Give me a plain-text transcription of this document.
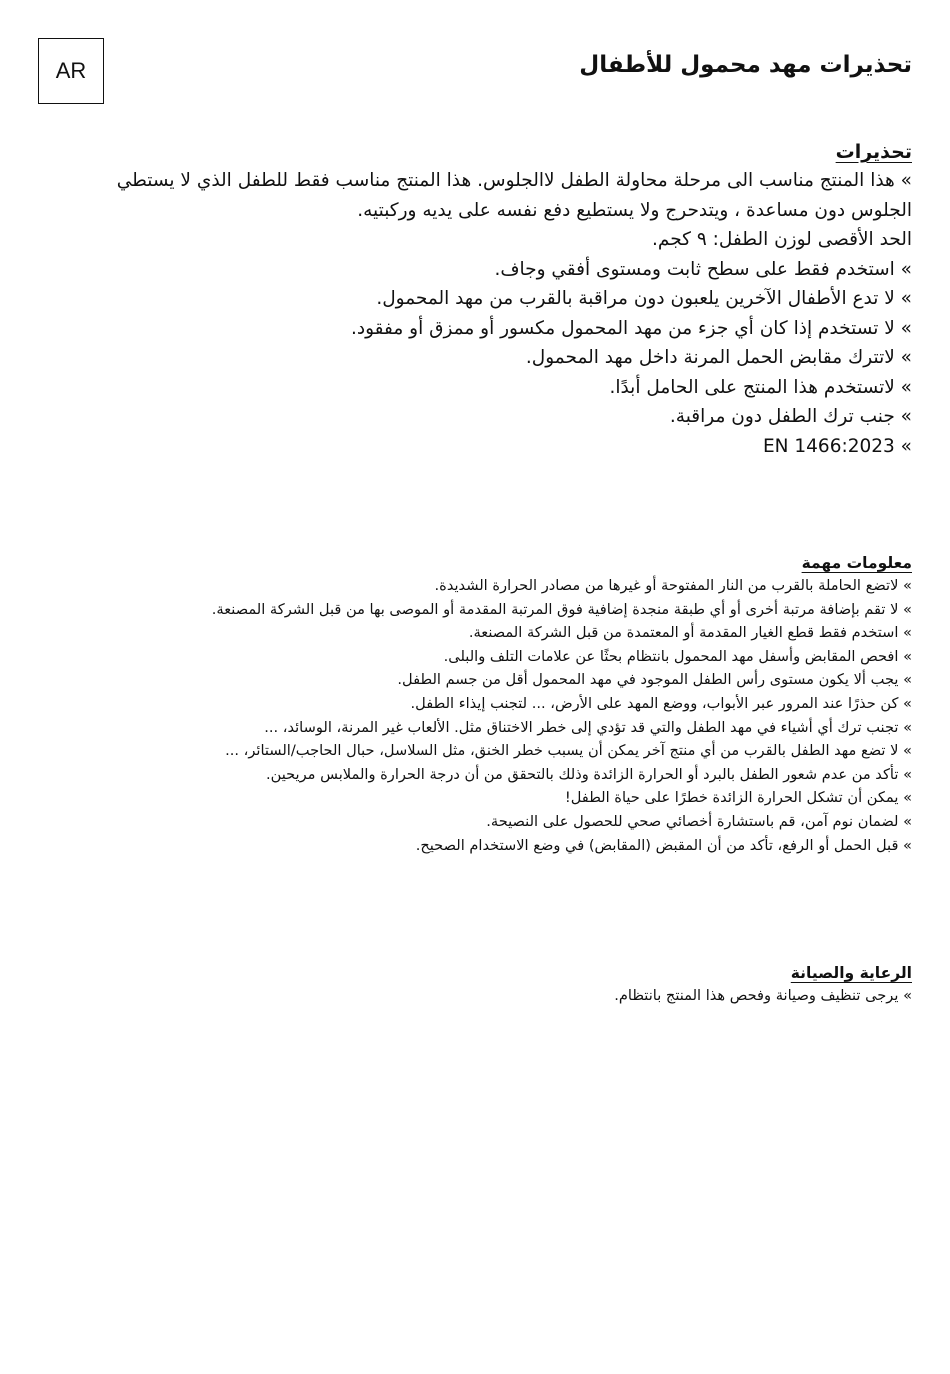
AR	تحذيرات مهد محمول للأطفال
تحذيرات
» هذا المنتج مناسب الى مرحلة محاولة الطفل لاالجلوس. هذا المنتج مناسب فقط للطفل الذي لا يستطي الجلوس دون مساعدة ، ويتدحرج ولا يستطيع دفع نفسه على يديه وركبتيه.
الحد الأقصى لوزن الطفل: ٩ كجم.
» استخدم فقط على سطح ثابت ومستوى أفقي وجاف.
» لا تدع الأطفال الآخرين يلعبون دون مراقبة بالقرب من مهد المحمول.
» لا تستخدم إذا كان أي جزء من مهد المحمول مكسور أو ممزق أو مفقود.
» لاتترك مقابض الحمل المرنة داخل مهد المحمول.
» لاتستخدم هذا المنتج على الحامل أبدًا.
» جنب ترك الطفل دون مراقبة.
» EN 1466:2023
معلومات مهمة
» لاتضع الحاملة بالقرب من النار المفتوحة أو غيرها من مصادر الحرارة الشديدة.
» لا تقم بإضافة مرتبة أخرى أو أي طبقة منجدة إضافية فوق المرتبة المقدمة أو الموصى بها من قبل الشركة المصنعة.
» استخدم فقط قطع الغيار المقدمة أو المعتمدة من قبل الشركة المصنعة.
» افحص المقابض وأسفل مهد المحمول بانتظام بحثًا عن علامات التلف والبلى.
» يجب ألا يكون مستوى رأس الطفل الموجود في مهد المحمول أقل من جسم الطفل.
» كن حذرًا عند المرور عبر الأبواب، ووضع المهد على الأرض، ... لتجنب إيذاء الطفل.
» تجنب ترك أي أشياء في مهد الطفل والتي قد تؤدي إلى خطر الاختناق مثل. الألعاب غير المرنة، الوسائد، ...
» لا تضع مهد الطفل بالقرب من أي منتج آخر يمكن أن يسبب خطر الخنق، مثل السلاسل، حبال الحاجب/الستائر، ...
» تأكد من عدم شعور الطفل بالبرد أو الحرارة الزائدة وذلك بالتحقق من أن درجة الحرارة والملابس مريحين.
» يمكن أن تشكل الحرارة الزائدة خطرًا على حياة الطفل!
» لضمان نوم آمن، قم باستشارة أخصائي صحي للحصول على النصيحة.
» قبل الحمل أو الرفع، تأكد من أن المقبض (المقابض) في وضع الاستخدام الصحيح.
الرعاية والصيانة
» يرجى تنظيف وصيانة وفحص هذا المنتج بانتظام.
